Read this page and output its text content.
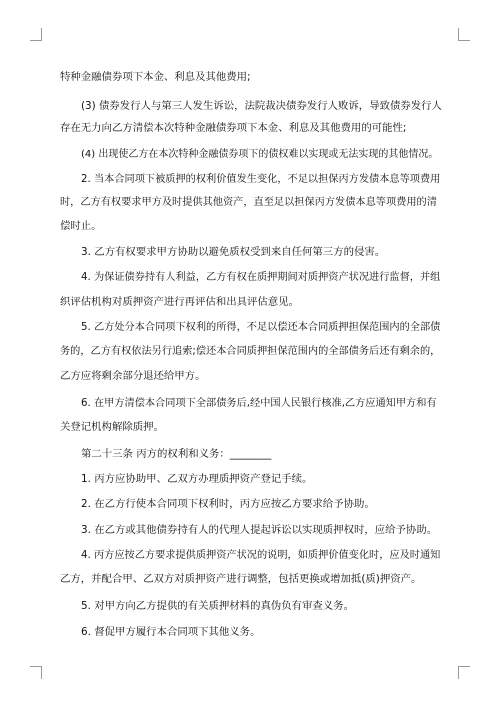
特种金融债券项下本金、利息及其他费用;
(3) 债券发行人与第三人发生诉讼，法院裁决债券发行人败诉，导致债券发行人
存在无力向乙方清偿本次特种金融债券项下本金、利息及其他费用的可能性;
(4) 出现使乙方在本次特种金融债券项下的债权难以实现或无法实现的其他情况。
2. 当本合同项下被质押的权利价值发生变化，不足以担保丙方发债本息等项费用
时，乙方有权要求甲方及时提供其他资产，直至足以担保丙方发债本息等项费用的清
偿时止。
3. 乙方有权要求甲方协助以避免质权受到来自任何第三方的侵害。
4. 为保证债券持有人利益，乙方有权在质押期间对质押资产状况进行监督，并组
织评估机构对质押资产进行再评估和出具评估意见。
5. 乙方处分本合同项下权利的所得，不足以偿还本合同质押担保范围内的全部债
务的，乙方有权依法另行追索;偿还本合同质押担保范围内的全部债务后还有剩余的，
乙方应将剩余部分退还给甲方。
6. 在甲方清偿本合同项下全部债务后,经中国人民银行核准,乙方应通知甲方和有
关登记机构解除质押。
第二十三条 丙方的权利和义务：________
1. 丙方应协助甲、乙双方办理质押资产登记手续。
2. 在乙方行使本合同项下权利时，丙方应按乙方要求给予协助。
3. 在乙方或其他债券持有人的代理人提起诉讼以实现质押权时，应给予协助。
4. 丙方应按乙方要求提供质押资产状况的说明，如质押价值变化时，应及时通知
乙方，并配合甲、乙双方对质押资产进行调整，包括更换或增加抵(质)押资产。
5. 对甲方向乙方提供的有关质押材料的真伪负有审查义务。
6. 督促甲方履行本合同项下其他义务。
